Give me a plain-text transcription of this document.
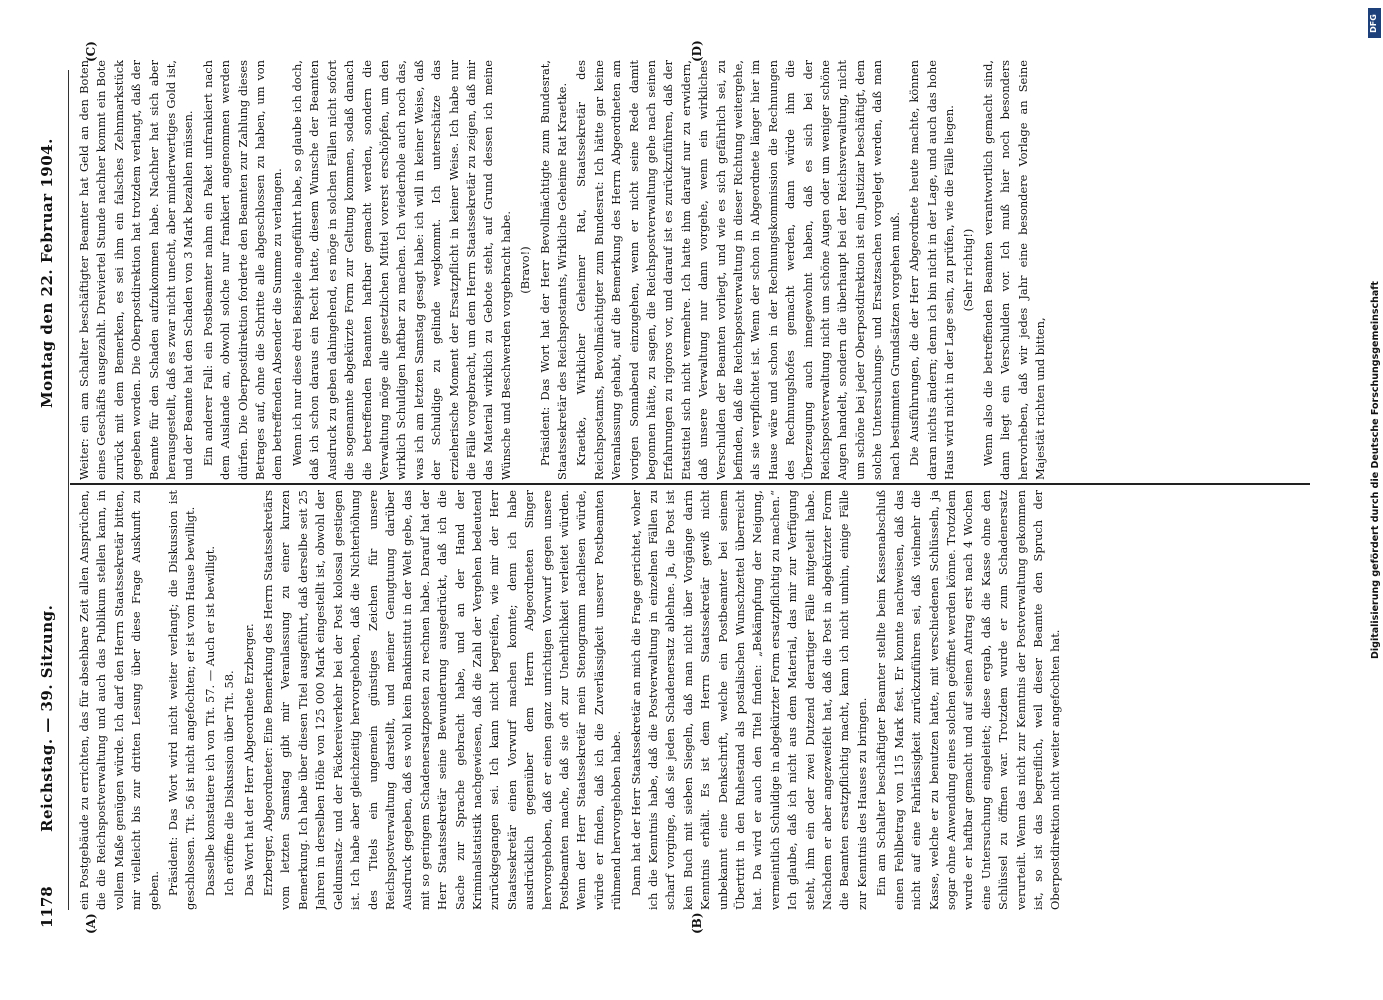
1178
Reichstag. — 39. Sitzung.
Montag den 22. Februar 1904.
(A)	(B)
(C)	(D)

ein Postgebäude zu errichten, das für absehbare Zeit allen Ansprüchen, die die Reichspostverwaltung und auch das Publikum stellen kann, in vollem Maße genügen würde. Ich darf den Herrn Staatssekretär bitten, mir vielleicht bis zur dritten Lesung über diese Frage Auskunft zu geben. Präsident: Das Wort wird nicht weiter verlangt; die Diskussion ist geschlossen. Tit. 56 ist nicht angefochten; er ist vom Hause bewilligt. Dasselbe konstatiere ich von Tit. 57. — Auch er ist bewilligt. Ich eröffne die Diskussion über Tit. 58. Das Wort hat der Herr Abgeordnete Erzberger. Erzberger, Abgeordneter: Eine Bemerkung des Herrn Staatssekretärs vom letzten Samstag gibt mir Veranlassung zu einer kurzen Bemerkung. Ich habe über diesen Titel ausgeführt, daß derselbe seit 25 Jahren in derselben Höhe von 125 000 Mark eingestellt ist, obwohl der Geldumsatz- und der Päckereiverkehr bei der Post kolossal gestiegen ist. Ich habe aber gleichzeitig hervorgehoben, daß die Nichterhöhung des Titels ein ungemein günstiges Zeichen für unsere Reichspostverwaltung darstellt, und meiner Genugtuung darüber Ausdruck gegeben, daß es wohl kein Bankinstitut in der Welt gebe, das mit so geringem Schadenersatzposten zu rechnen habe. Darauf hat der Herr Staatssekretär seine Bewunderung ausgedrückt, daß ich die Sache zur Sprache gebracht habe, und an der Hand der Kriminalstatistik nachgewiesen, daß die Zahl der Vergehen bedeutend zurückgegangen sei. Ich kann nicht begreifen, wie mir der Herr Staatssekretär einen Vorwurf machen konnte; denn ich habe ausdrücklich gegenüber dem Herrn Abgeordneten Singer hervorgehoben, daß er einen ganz unrichtigen Vorwurf gegen unsere Postbeamten mache, daß sie oft zur Unehrlichkeit verleitet würden. Wenn der Herr Staatssekretär mein Stenogramm nachlesen würde, würde er finden, daß ich die Zuverlässigkeit unserer Postbeamten rühmend hervorgehoben habe. Dann hat der Herr Staatssekretär an mich die Frage gerichtet, woher ich die Kenntnis habe, daß die Postverwaltung in einzelnen Fällen zu scharf vorginge, daß sie jeden Schadenersatz ablehne. Ja, die Post ist kein Buch mit sieben Siegeln, daß man nicht über Vorgänge darin Kenntnis erhält. Es ist dem Herrn Staatssekretär gewiß nicht unbekannt eine Denkschrift, welche ein Postbeamter bei seinem Übertritt in den Ruhestand als postalischen Wunschzettel überreicht hat. Da wird er auch den Titel finden: „Bekämpfung der Neigung, vermeintlich Schuldige in abgekürzter Form ersatzpflichtig zu machen.“ Ich glaube, daß ich nicht aus dem Material, das mir zur Verfügung steht, ihm ein oder zwei Dutzend derartiger Fälle mitgeteilt habe. Nachdem er aber angezweifelt hat, daß die Post in abgekürzter Form die Beamten ersatzpflichtig macht, kann ich nicht umhin, einige Fälle zur Kenntnis des Hauses zu bringen. Ein am Schalter beschäftigter Beamter stellte beim Kassenabschluß einen Fehlbetrag von 115 Mark fest. Er konnte nachweisen, daß das nicht auf eine Fahrlässigkeit zurückzuführen sei, daß vielmehr die Kasse, welche er zu benutzen hatte, mit verschiedenen Schlüsseln, ja sogar ohne Anwendung eines solchen geöffnet werden könne. Trotzdem wurde er haftbar gemacht und auf seinen Antrag erst nach 4 Wochen eine Untersuchung eingeleitet; diese ergab, daß die Kasse ohne den Schlüssel zu öffnen war. Trotzdem wurde er zum Schadenersatz verurteilt. Wenn das nicht zur Kenntnis der Postverwaltung gekommen ist, so ist das begreiflich, weil dieser Beamte den Spruch der Oberpostdirektion nicht weiter angefochten hat.

Weiter: ein am Schalter beschäftigter Beamter hat Geld an den Boten eines Geschäfts ausgezahlt. Dreiviertel Stunde nachher kommt ein Bote zurück mit dem Bemerken, es sei ihm ein falsches Zehnmarkstück gegeben worden. Die Oberpostdirektion hat trotzdem verlangt, daß der Beamte für den Schaden aufzukommen habe. Nachher hat sich aber herausgestellt, daß es zwar nicht unecht, aber minderwertiges Gold ist, und der Beamte hat den Schaden von 3 Mark bezahlen müssen. Ein anderer Fall: ein Postbeamter nahm ein Paket unfrankiert nach dem Auslande an, obwohl solche nur frankiert angenommen werden dürfen. Die Oberpostdirektion forderte den Beamten zur Zahlung dieses Betrages auf, ohne die Schritte alle abgeschlossen zu haben, um von dem betreffenden Absender die Summe zu verlangen. Wenn ich nur diese drei Beispiele angeführt habe, so glaube ich doch, daß ich schon daraus ein Recht hatte, diesem Wunsche der Beamten Ausdruck zu geben dahingehend, es möge in solchen Fällen nicht sofort die sogenannte abgekürzte Form zur Geltung kommen, sodaß danach die betreffenden Beamten haftbar gemacht werden, sondern die Verwaltung möge alle gesetzlichen Mittel vorerst erschöpfen, um den wirklich Schuldigen haftbar zu machen. Ich wiederhole auch noch das, was ich am letzten Samstag gesagt habe: ich will in keiner Weise, daß der Schuldige zu gelinde wegkommt. Ich unterschätze das erzieherische Moment der Ersatzpflicht in keiner Weise. Ich habe nur die Fälle vorgebracht, um dem Herrn Staatssekretär zu zeigen, daß mir das Material wirklich zu Gebote steht, auf Grund dessen ich meine Wünsche und Beschwerden vorgebracht habe. (Bravo!) Präsident: Das Wort hat der Herr Bevollmächtigte zum Bundesrat, Staatssekretär des Reichspostamts, Wirkliche Geheime Rat Kraetke. Kraetke, Wirklicher Geheimer Rat, Staatssekretär des Reichspostamts, Bevollmächtigter zum Bundesrat: Ich hätte gar keine Veranlassung gehabt, auf die Bemerkung des Herrn Abgeordneten am vorigen Sonnabend einzugehen, wenn er nicht seine Rede damit begonnen hätte, zu sagen, die Reichspostverwaltung gehe nach seinen Erfahrungen zu rigoros vor, und darauf ist es zurückzuführen, daß der Etatstitel sich nicht vermehre. Ich hatte ihm darauf nur zu erwidern, daß unsere Verwaltung nur dann vorgehe, wenn ein wirkliches Verschulden der Beamten vorliegt, und wie es sich gefährlich sei, zu befinden, daß die Reichspostverwaltung in dieser Richtung weitergehe, als sie verpflichtet ist. Wenn der schon in Abgeordnete länger hier im Hause wäre und schon in der Rechnungskommission die Rechnungen des Rechnungshofes gemacht werden, dann würde ihm die Überzeugung auch innegewohnt haben, daß es sich bei der Reichspostverwaltung nicht um schöne Augen oder um weniger schöne Augen handelt, sondern die überhaupt bei der Reichsverwaltung, nicht um schöne bei jeder Oberpostdirektion ist ein Justiziar beschäftigt, dem solche Untersuchungs- und Ersatzsachen vorgelegt werden, daß man nach bestimmten Grundsätzen vorgehen muß. Die Ausführungen, die der Herr Abgeordnete heute machte, können daran nichts ändern; denn ich bin nicht in der Lage, und auch das hohe Haus wird nicht in der Lage sein, zu prüfen, wie die Fälle liegen. (Sehr richtig!) Wenn also die betreffenden Beamten verantwortlich gemacht sind, dann liegt ein Verschulden vor. Ich muß hier noch besonders hervorheben, daß wir jedes Jahr eine besondere Vorlage an Seine Majestät richten und bitten,

DFG
Digitalisierung gefördert durch die Deutsche Forschungsgemeinschaft
